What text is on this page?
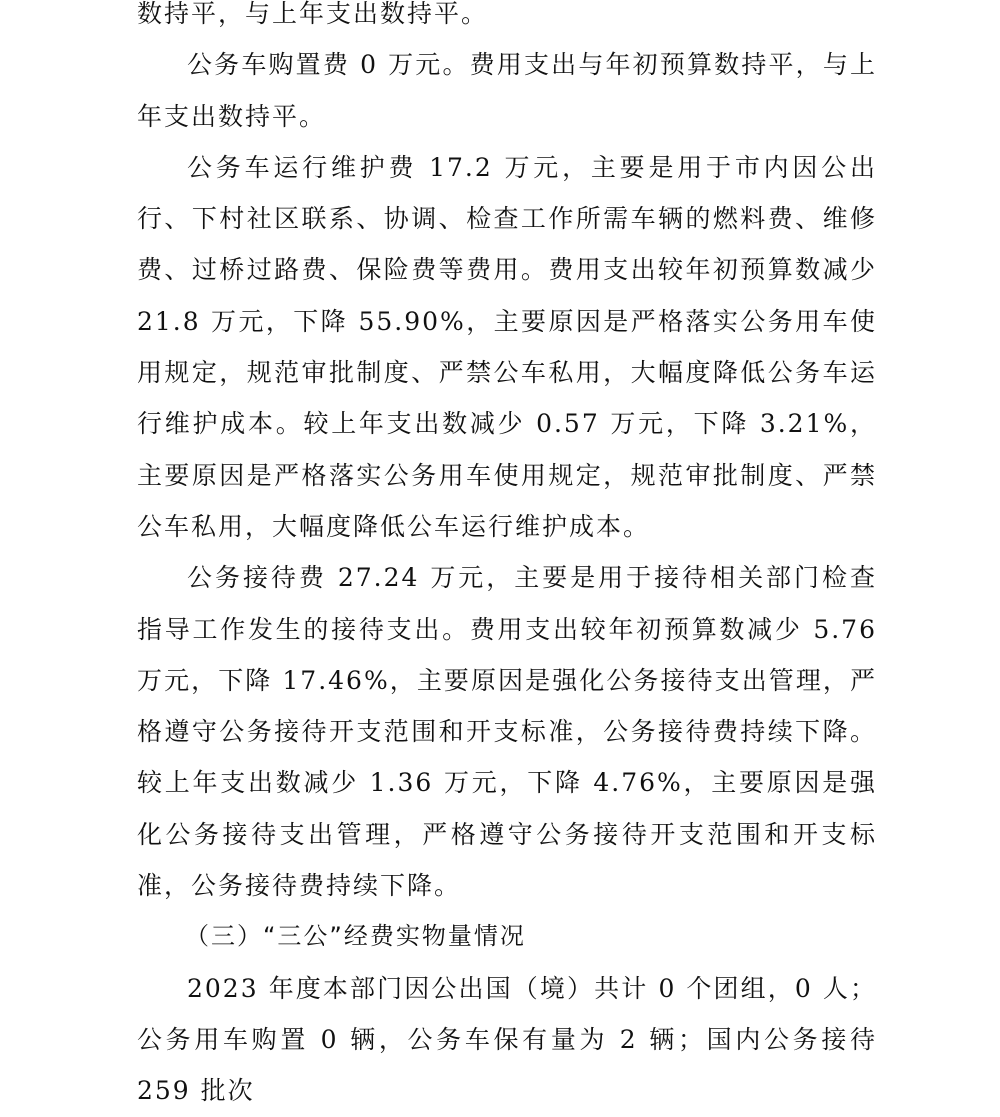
数持平，与上年支出数持平。

公务车购置费 0 万元。费用支出与年初预算数持平，与上年支出数持平。

公务车运行维护费 17.2 万元，主要是用于市内因公出行、下村社区联系、协调、检查工作所需车辆的燃料费、维修费、过桥过路费、保险费等费用。费用支出较年初预算数减少 21.8 万元，下降 55.90%，主要原因是严格落实公务用车使用规定，规范审批制度、严禁公车私用，大幅度降低公务车运行维护成本。较上年支出数减少 0.57 万元，下降 3.21%，主要原因是严格落实公务用车使用规定，规范审批制度、严禁公车私用，大幅度降低公车运行维护成本。

公务接待费 27.24 万元，主要是用于接待相关部门检查指导工作发生的接待支出。费用支出较年初预算数减少 5.76 万元，下降 17.46%，主要原因是强化公务接待支出管理，严格遵守公务接待开支范围和开支标准，公务接待费持续下降。较上年支出数减少 1.36 万元，下降 4.76%，主要原因是强化公务接待支出管理，严格遵守公务接待开支范围和开支标准，公务接待费持续下降。

（三）“三公”经费实物量情况

2023 年度本部门因公出国（境）共计 0 个团组，0 人；公务用车购置 0 辆，公务车保有量为 2 辆；国内公务接待 259 批次
